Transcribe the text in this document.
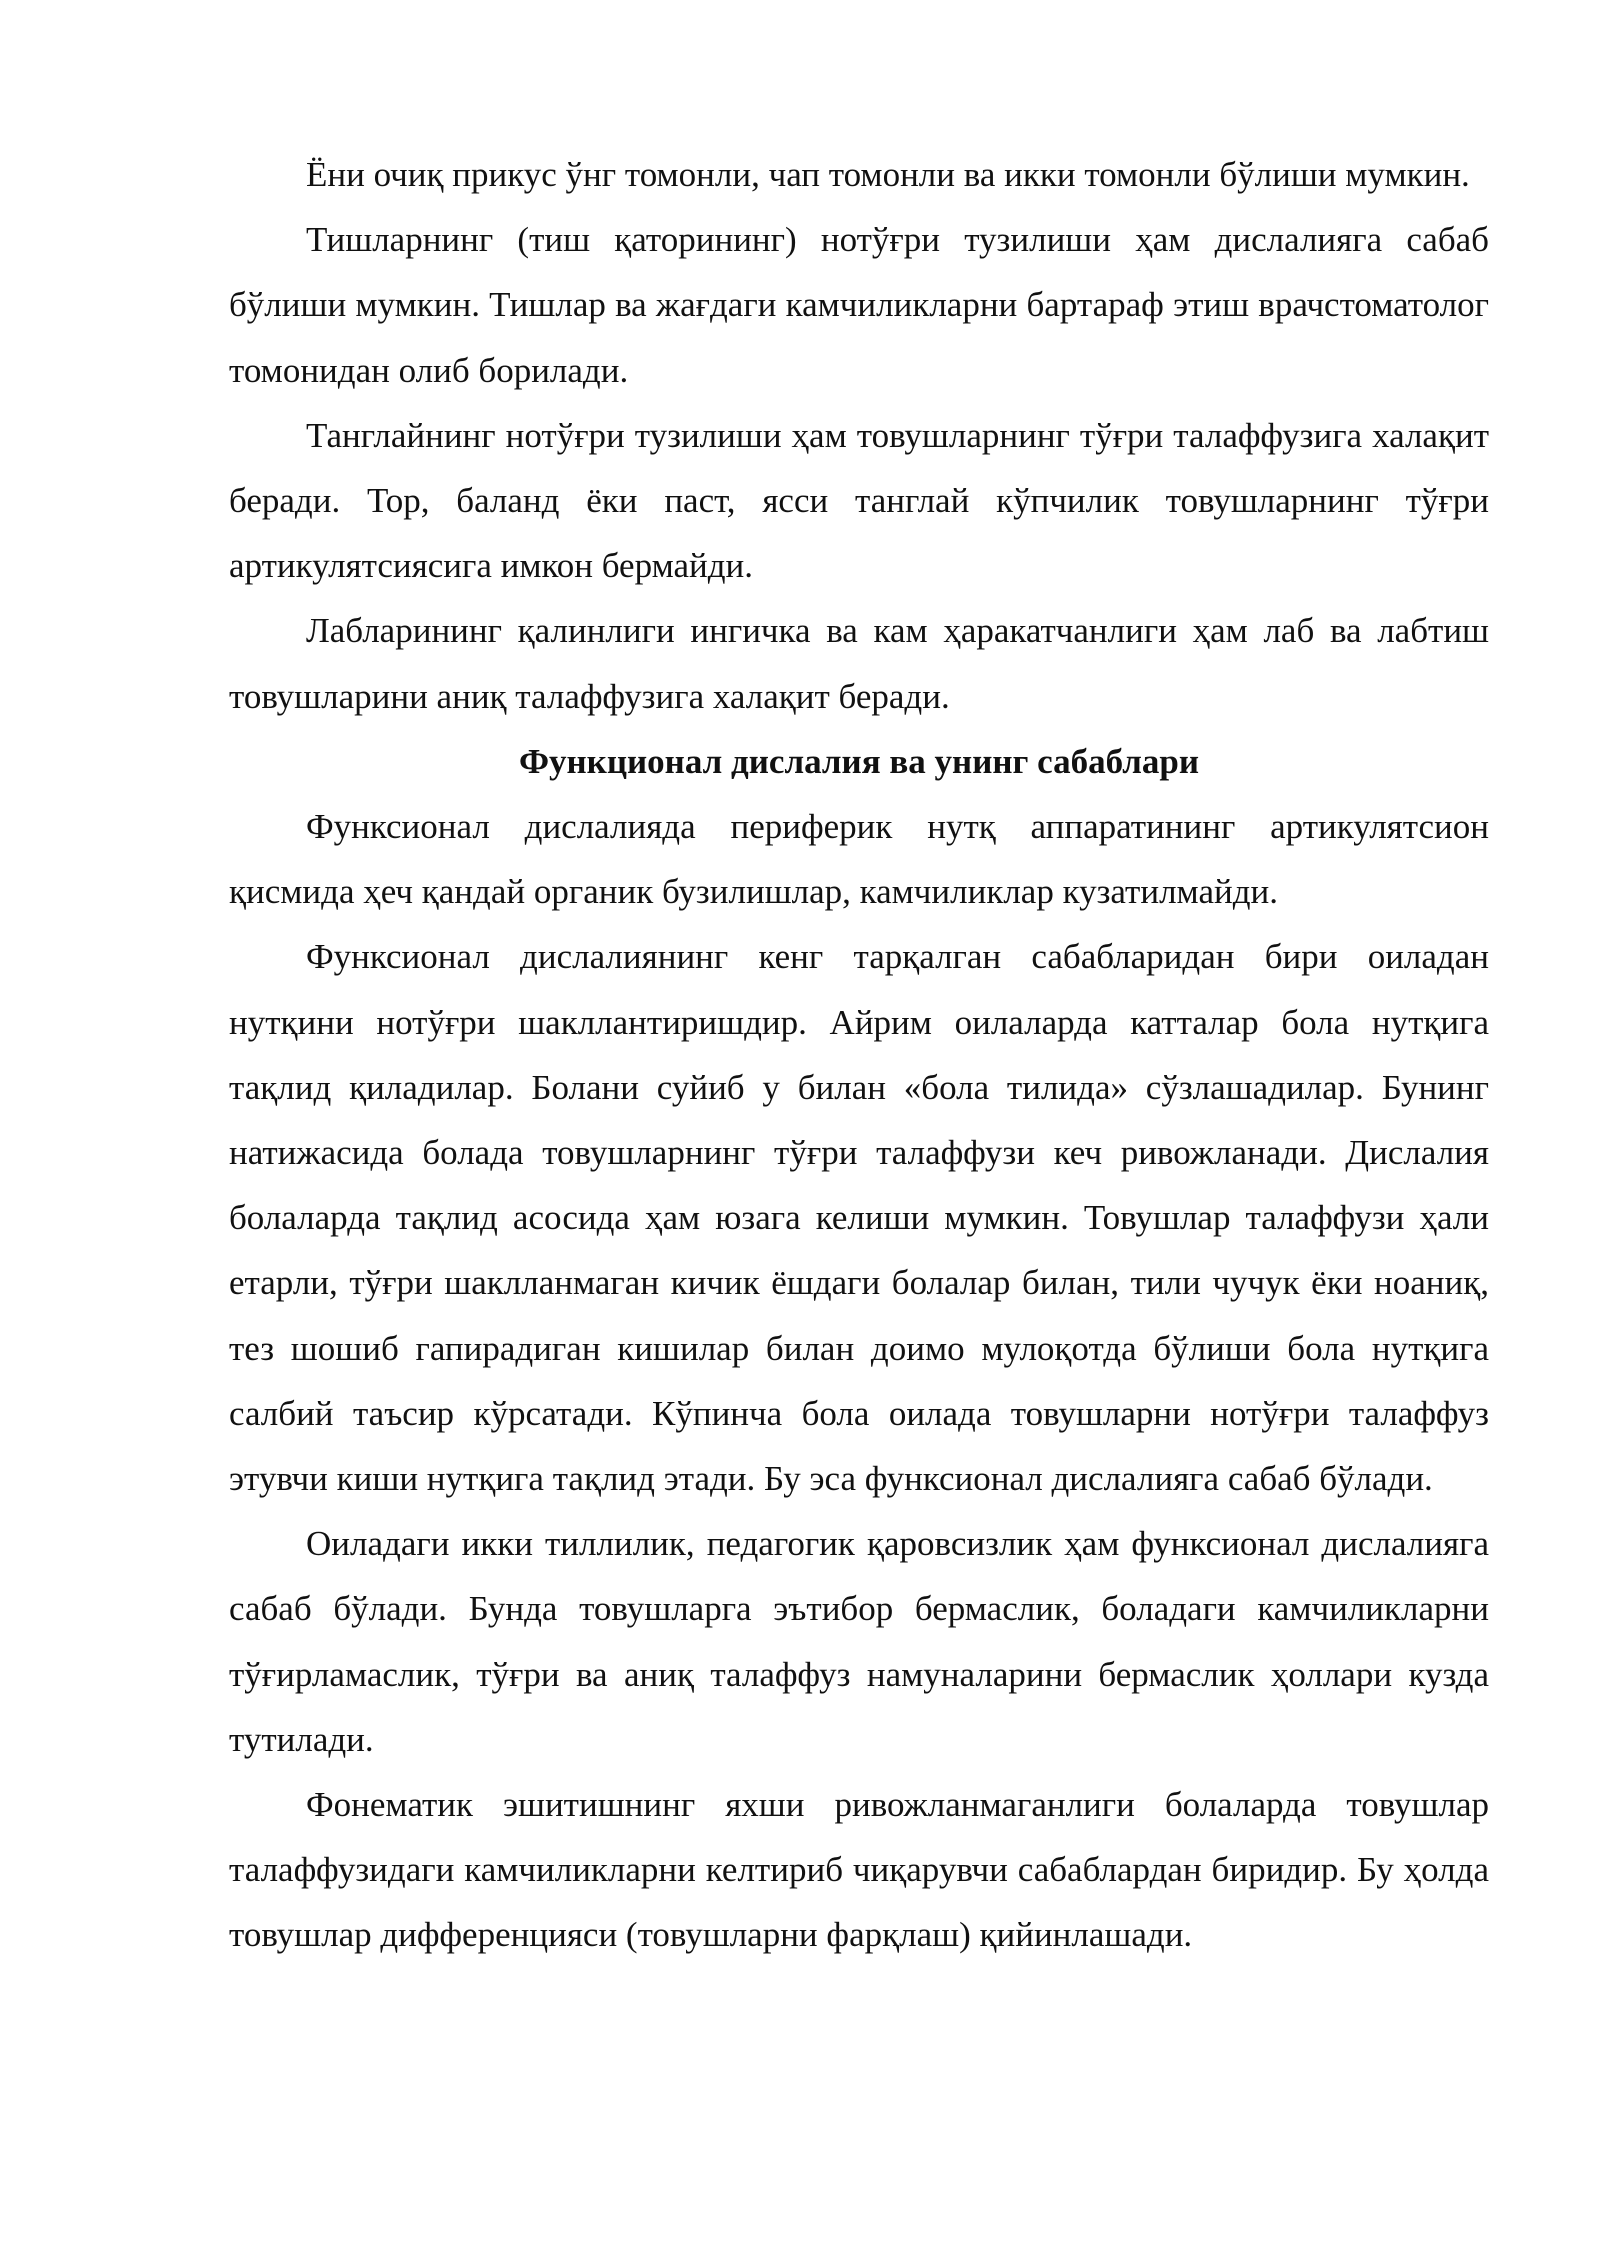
Ёни очиқ прикус ўнг томонли, чап томонли ва икки томонли бўлиши мумкин.

Тишларнинг (тиш қаторининг) нотўғри тузилиши ҳам дислалияга сабаб бўлиши мумкин. Тишлар ва жағдаги камчиликларни бартараф этиш врачстоматолог томонидан олиб борилади.

Танглайнинг нотўғри тузилиши ҳам товушларнинг тўғри талаффузига халақит беради. Тор, баланд ёки паст, ясси танглай кўпчилик товушларнинг тўғри артикулятсиясига имкон бермайди.

Лабларининг қалинлиги ингичка ва кам ҳаракатчанлиги ҳам лаб ва лабтиш товушларини аниқ талаффузига халақит беради.

Функционал дислалия ва унинг сабаблари

Функсионал дислалияда периферик нутқ аппаратининг артикулятсион қисмида ҳеч қандай органик бузилишлар, камчиликлар кузатилмайди.

Функсионал дислалиянинг кенг тарқалган сабабларидан бири оиладан нутқини нотўғри шакллантиришдир. Айрим оилаларда катталар бола нутқига тақлид қиладилар. Болани суйиб у билан «бола тилида» сўзлашадилар. Бунинг натижасида болада товушларнинг тўғри талаффузи кеч ривожланади. Дислалия болаларда тақлид асосида ҳам юзага келиши мумкин. Товушлар талаффузи ҳали етарли, тўғри шаклланмаган кичик ёшдаги болалар билан, тили чучук ёки ноаниқ, тез шошиб гапирадиган кишилар билан доимо мулоқотда бўлиши бола нутқига салбий таъсир кўрсатади. Кўпинча бола оилада товушларни нотўғри талаффуз этувчи киши нутқига тақлид этади. Бу эса функсионал дислалияга сабаб бўлади.

Оиладаги икки тиллилик, педагогик қаровсизлик ҳам функсионал дислалияга сабаб бўлади. Бунда товушларга эътибор бермаслик, боладаги камчиликларни тўғирламаслик, тўғри ва аниқ талаффуз намуналарини бермаслик ҳоллари кузда тутилади.

Фонематик эшитишнинг яхши ривожланмаганлиги болаларда товушлар талаффузидаги камчиликларни келтириб чиқарувчи сабаблардан биридир. Бу ҳолда товушлар дифференцияси (товушларни фарқлаш) қийинлашади.
